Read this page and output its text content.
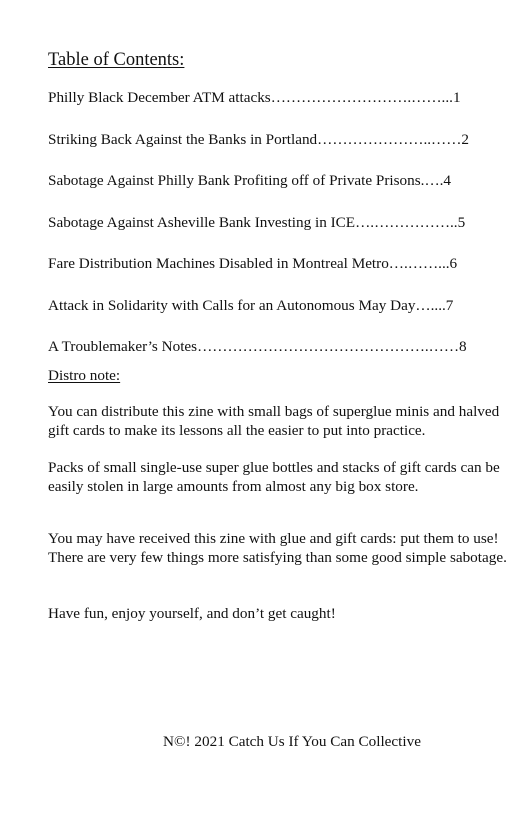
Table of Contents:
Philly Black December ATM attacks……………………….……...1
Striking Back Against the Banks in Portland…………………..……2
Sabotage Against Philly Bank Profiting off of Private Prisons.….4
Sabotage Against Asheville Bank Investing in ICE….……………..5
Fare Distribution Machines Disabled in Montreal Metro….……...6
Attack in Solidarity with Calls for an Autonomous May Day…....7
A Troublemaker’s Notes……………………………………….……8
Distro note:

You can distribute this zine with small bags of superglue minis and halved gift cards to make its lessons all the easier to put into practice.

Packs of small single-use super glue bottles and stacks of gift cards can be easily stolen in large amounts from almost any big box store.

You may have received this zine with glue and gift cards: put them to use! There are very few things more satisfying than some good simple sabotage.

Have fun, enjoy yourself, and don’t get caught!

N©! 2021 Catch Us If You Can Collective
